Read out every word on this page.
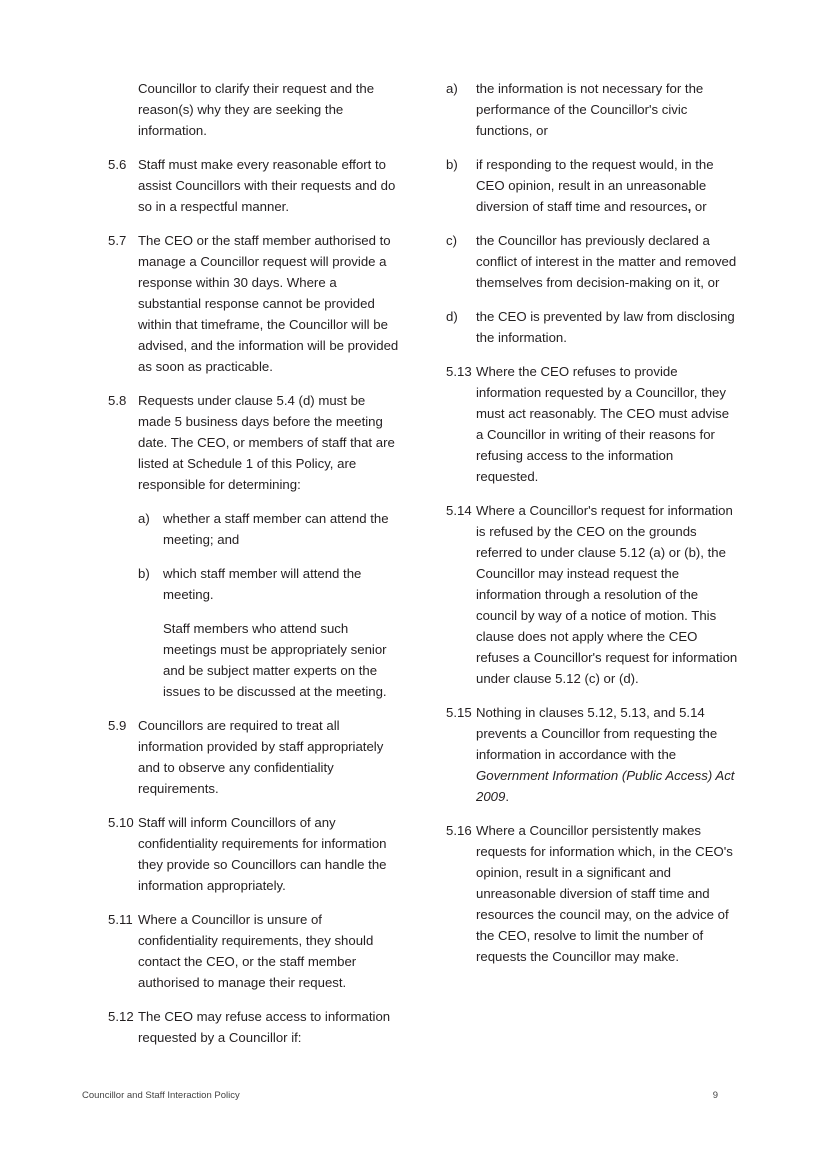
Councillor to clarify their request and the reason(s) why they are seeking the information.

5.6 Staff must make every reasonable effort to assist Councillors with their requests and do so in a respectful manner.
5.7 The CEO or the staff member authorised to manage a Councillor request will provide a response within 30 days. Where a substantial response cannot be provided within that timeframe, the Councillor will be advised, and the information will be provided as soon as practicable.
5.8 Requests under clause 5.4 (d) must be made 5 business days before the meeting date. The CEO, or members of staff that are listed at Schedule 1 of this Policy, are responsible for determining:
a) whether a staff member can attend the meeting; and
b) which staff member will attend the meeting.

Staff members who attend such meetings must be appropriately senior and be subject matter experts on the issues to be discussed at the meeting.

5.9 Councillors are required to treat all information provided by staff appropriately and to observe any confidentiality requirements.
5.10 Staff will inform Councillors of any confidentiality requirements for information they provide so Councillors can handle the information appropriately.
5.11 Where a Councillor is unsure of confidentiality requirements, they should contact the CEO, or the staff member authorised to manage their request.
5.12 The CEO may refuse access to information requested by a Councillor if:
a) the information is not necessary for the performance of the Councillor's civic functions, or
b) if responding to the request would, in the CEO opinion, result in an unreasonable diversion of staff time and resources, or
c) the Councillor has previously declared a conflict of interest in the matter and removed themselves from decision-making on it, or
d) the CEO is prevented by law from disclosing the information.
5.13 Where the CEO refuses to provide information requested by a Councillor, they must act reasonably. The CEO must advise a Councillor in writing of their reasons for refusing access to the information requested.
5.14 Where a Councillor's request for information is refused by the CEO on the grounds referred to under clause 5.12 (a) or (b), the Councillor may instead request the information through a resolution of the council by way of a notice of motion. This clause does not apply where the CEO refuses a Councillor's request for information under clause 5.12 (c) or (d).
5.15 Nothing in clauses 5.12, 5.13, and 5.14 prevents a Councillor from requesting the information in accordance with the Government Information (Public Access) Act 2009.
5.16 Where a Councillor persistently makes requests for information which, in the CEO's opinion, result in a significant and unreasonable diversion of staff time and resources the council may, on the advice of the CEO, resolve to limit the number of requests the Councillor may make.
Councillor and Staff Interaction Policy	9
